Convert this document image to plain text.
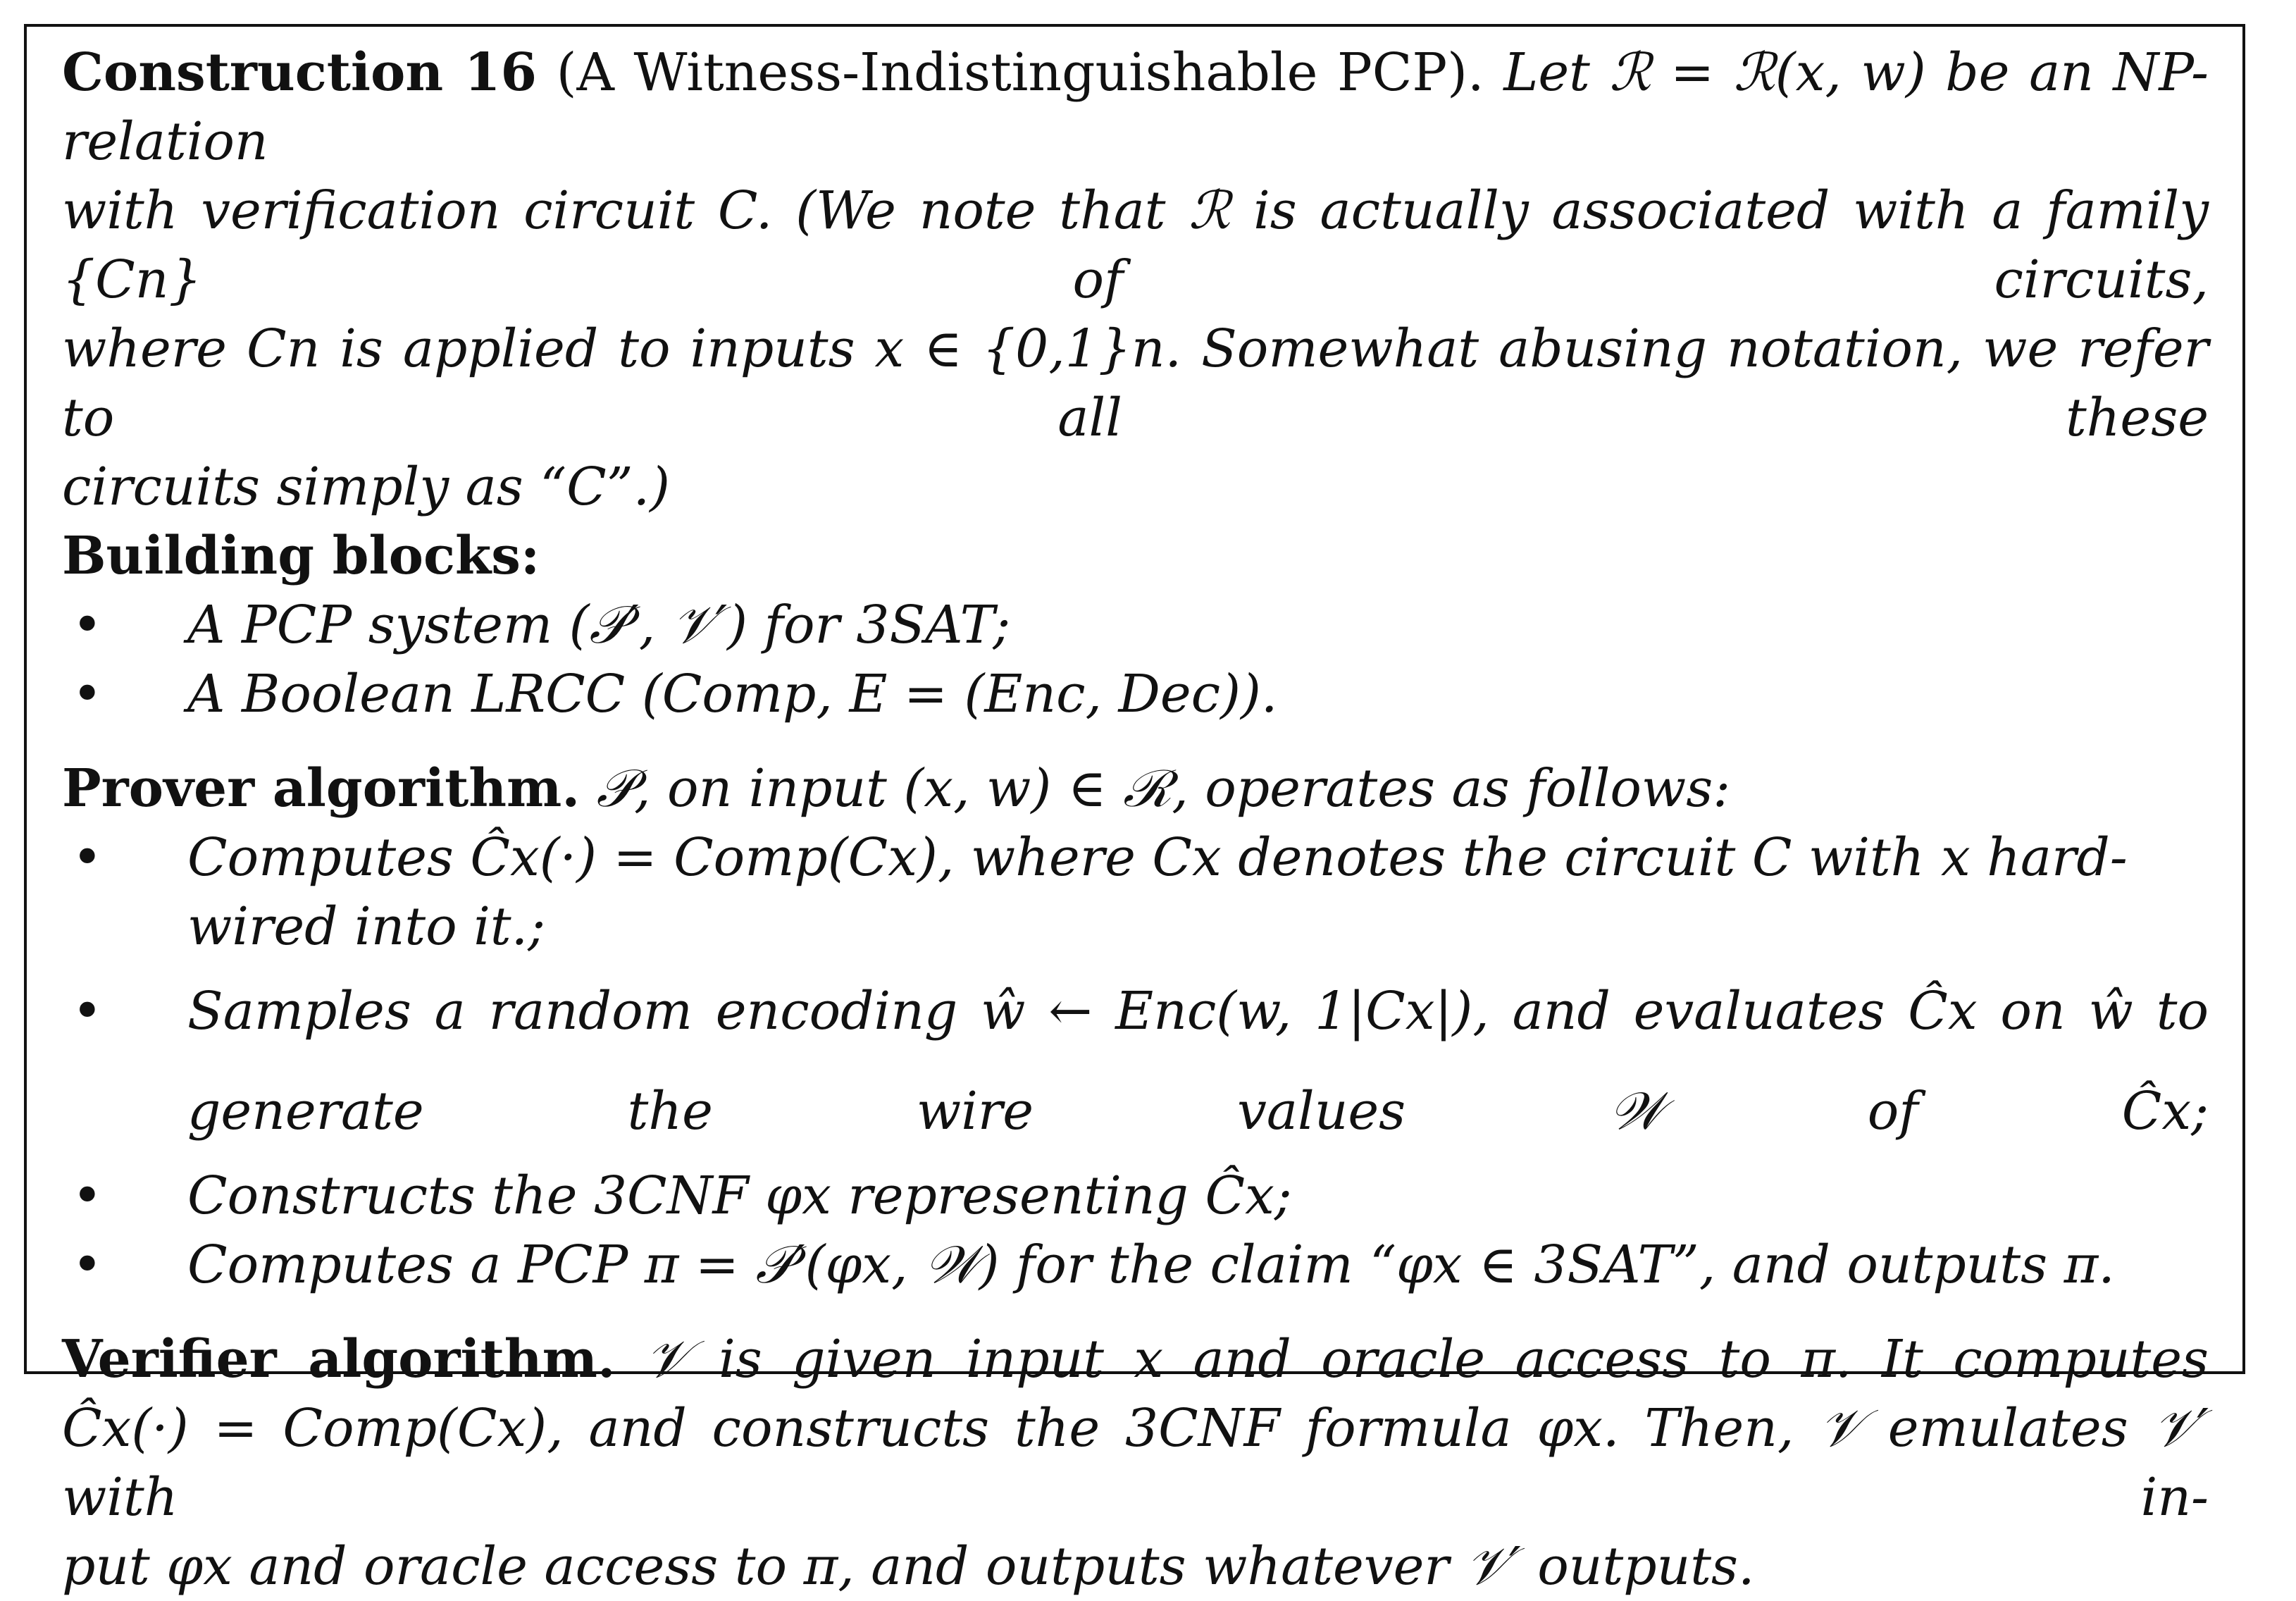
Construction 16 (A Witness-Indistinguishable PCP). Let ℛ = ℛ(x, w) be an NP-relation

with verification circuit C. (We note that ℛ is actually associated with a family {Cn} of circuits,

where Cn is applied to inputs x ∈ {0,1}n. Somewhat abusing notation, we refer to all these

circuits simply as “C”.)

Building blocks:

• A PCP system (𝒫′, 𝒱′) for 3SAT;
• A Boolean LRCC (Comp, E = (Enc, Dec)).

Prover algorithm. 𝒫, on input (x, w) ∈ ℛ, operates as follows:

• Computes Ĉx(·) = Comp(Cx), where Cx denotes the circuit C with x hard-wired into it.;
• Samples a random encoding ŵ ← Enc(w, 1|Cx|), and evaluates Ĉx on ŵ to generate the wire values 𝒲 of Ĉx;
• Constructs the 3CNF φx representing Ĉx;
• Computes a PCP π = 𝒫′(φx, 𝒲) for the claim “φx ∈ 3SAT”, and outputs π.

Verifier algorithm. 𝒱 is given input x and oracle access to π. It computes

Ĉx(·) = Comp(Cx), and constructs the 3CNF formula φx. Then, 𝒱 emulates 𝒱′ with in-

put φx and oracle access to π, and outputs whatever 𝒱′ outputs.
